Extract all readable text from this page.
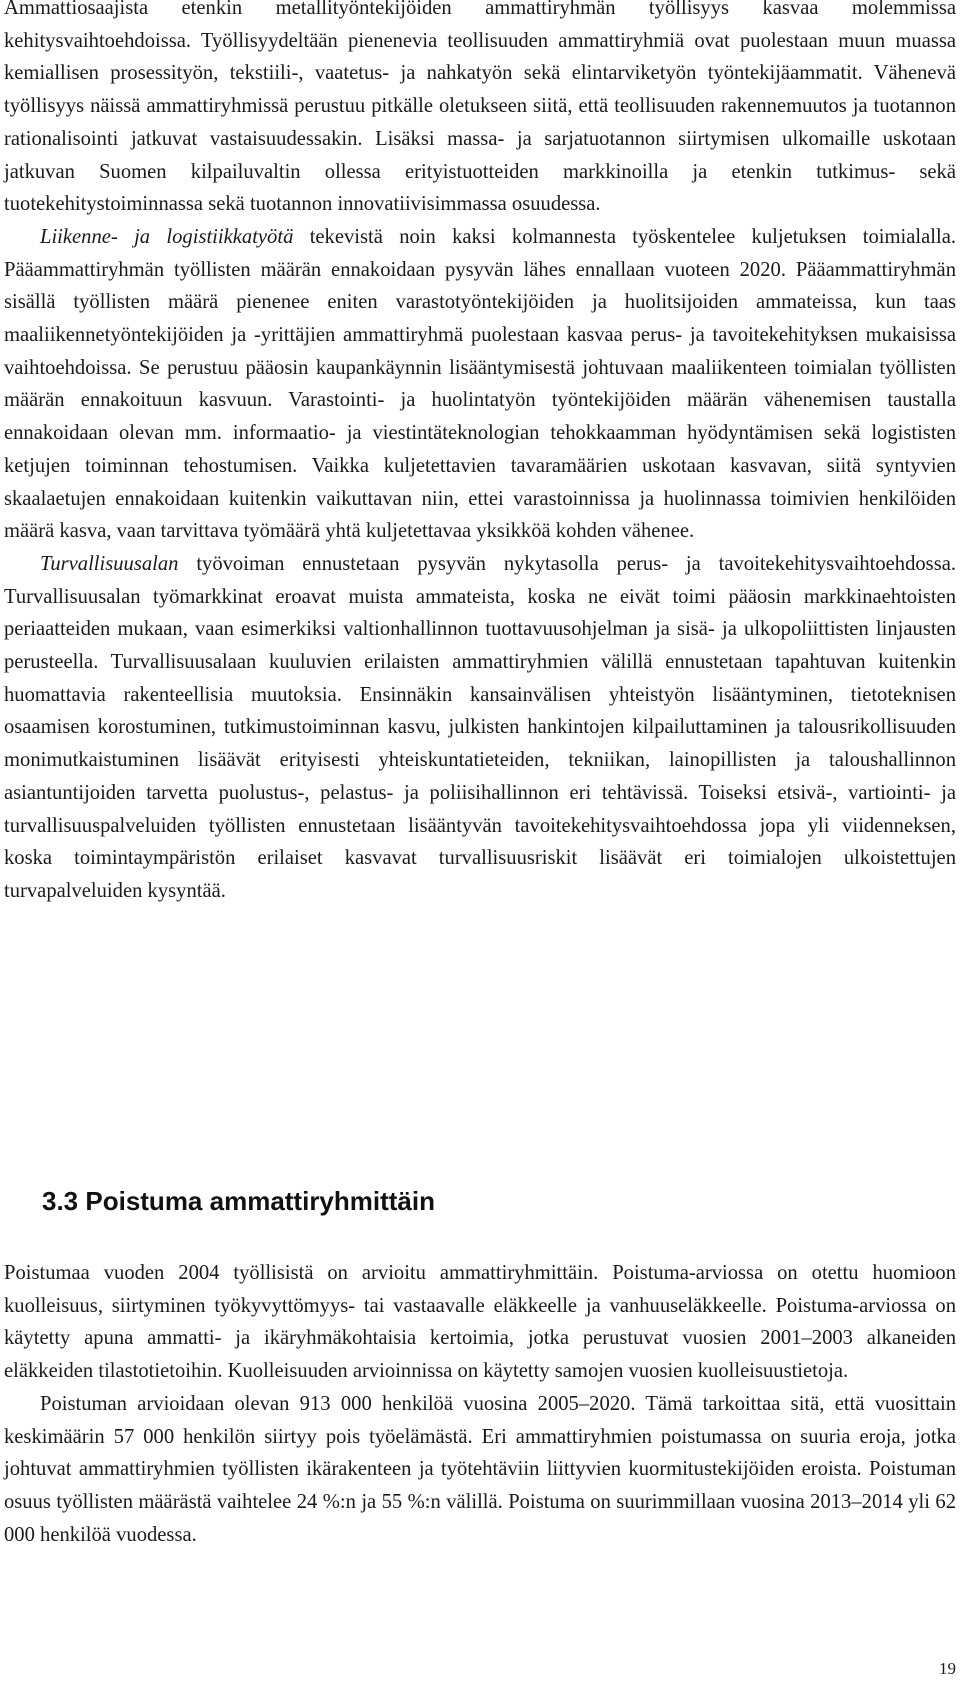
Ammattiosaajista etenkin metallityöntekijöiden ammattiryhmän työllisyys kasvaa molemmissa kehitysvaihtoehdoissa. Työllisyydeltään pienenevia teollisuuden ammattiryhmiä ovat puolestaan muun muassa kemiallisen prosessityön, tekstiili-, vaatetus- ja nahkatyön sekä elintarviketyön työntekijäammatit. Vähenevä työllisyys näissä ammattiryhmissä perustuu pitkälle oletukseen siitä, että teollisuuden rakennemuutos ja tuotannon rationalisointi jatkuvat vastaisuudessakin. Lisäksi massa- ja sarjatuotannon siirtymisen ulkomaille uskotaan jatkuvan Suomen kilpailuvaltin ollessa erityistuotteiden markkinoilla ja etenkin tutkimus- sekä tuotekehitystoiminnassa sekä tuotannon innovatiivisimmassa osuudessa.

Liikenne- ja logistiikkatyötä tekevistä noin kaksi kolmannesta työskentelee kuljetuksen toimialalla. Pääammattiryhmän työllisten määrän ennakoidaan pysyvän lähes ennallaan vuoteen 2020. Pääammattiryhmän sisällä työllisten määrä pienenee eniten varastotyöntekijöiden ja huolitsijoiden ammateissa, kun taas maaliikennetyöntekijöiden ja -yrittäjien ammattiryhmä puolestaan kasvaa perus- ja tavoitekehityksen mukaisissa vaihtoehdoissa. Se perustuu pääosin kaupankäynnin lisääntymisestä johtuvaan maaliikenteen toimialan työllisten määrän ennakoituun kasvuun. Varastointi- ja huolintatyön työntekijöiden määrän vähenemisen taustalla ennakoidaan olevan mm. informaatio- ja viestintäteknologian tehokkaamman hyödyntämisen sekä logististen ketjujen toiminnan tehostumisen. Vaikka kuljetettavien tavaramäärien uskotaan kasvavan, siitä syntyvien skaalaetujen ennakoidaan kuitenkin vaikuttavan niin, ettei varastoinnissa ja huolinnassa toimivien henkilöiden määrä kasva, vaan tarvittava työmäärä yhtä kuljetettavaa yksikköä kohden vähenee.

Turvallisuusalan työvoiman ennustetaan pysyvän nykytasolla perus- ja tavoitekehitysvaihtoehdossa. Turvallisuusalan työmarkkinat eroavat muista ammateista, koska ne eivät toimi pääosin markkinaehtoisten periaatteiden mukaan, vaan esimerkiksi valtionhallinnon tuottavuusohjelman ja sisä- ja ulkopoliittisten linjausten perusteella. Turvallisuusalaan kuuluvien erilaisten ammattiryhmien välillä ennustetaan tapahtuvan kuitenkin huomattavia rakenteellisia muutoksia. Ensinnäkin kansainvälisen yhteistyön lisääntyminen, tietoteknisen osaamisen korostuminen, tutkimustoiminnan kasvu, julkisten hankintojen kilpailuttaminen ja talousrikollisuuden monimutkaistuminen lisäävät erityisesti yhteiskuntatieteiden, tekniikan, lainopillisten ja taloushallinnon asiantuntijoiden tarvetta puolustus-, pelastus- ja poliisihallinnon eri tehtävissä. Toiseksi etsivä-, vartiointi- ja turvallisuuspalveluiden työllisten ennustetaan lisääntyvän tavoitekehitysvaihtoehdossa jopa yli viidenneksen, koska toimintaympäristön erilaiset kasvavat turvallisuusriskit lisäävät eri toimialojen ulkoistettujen turvapalveluiden kysyntää.

3.3 Poistuma ammattiryhmittäin

Poistumaa vuoden 2004 työllisistä on arvioitu ammattiryhmittäin. Poistuma-arviossa on otettu huomioon kuolleisuus, siirtyminen työkyvyttömyys- tai vastaavalle eläkkeelle ja vanhuuseläkkeelle. Poistuma-arviossa on käytetty apuna ammatti- ja ikäryhmäkohtaisia kertoimia, jotka perustuvat vuosien 2001–2003 alkaneiden eläkkeiden tilastotietoihin. Kuolleisuuden arvioinnissa on käytetty samojen vuosien kuolleisuustietoja.

Poistuman arvioidaan olevan 913 000 henkilöä vuosina 2005–2020. Tämä tarkoittaa sitä, että vuosittain keskimäärin 57 000 henkilön siirtyy pois työelämästä. Eri ammattiryhmien poistumassa on suuria eroja, jotka johtuvat ammattiryhmien työllisten ikärakenteen ja työtehtäviin liittyvien kuormitustekijöiden eroista. Poistuman osuus työllisten määrästä vaihtelee 24 %:n ja 55 %:n välillä. Poistuma on suurimmillaan vuosina 2013–2014 yli 62 000 henkilöä vuodessa.

19
